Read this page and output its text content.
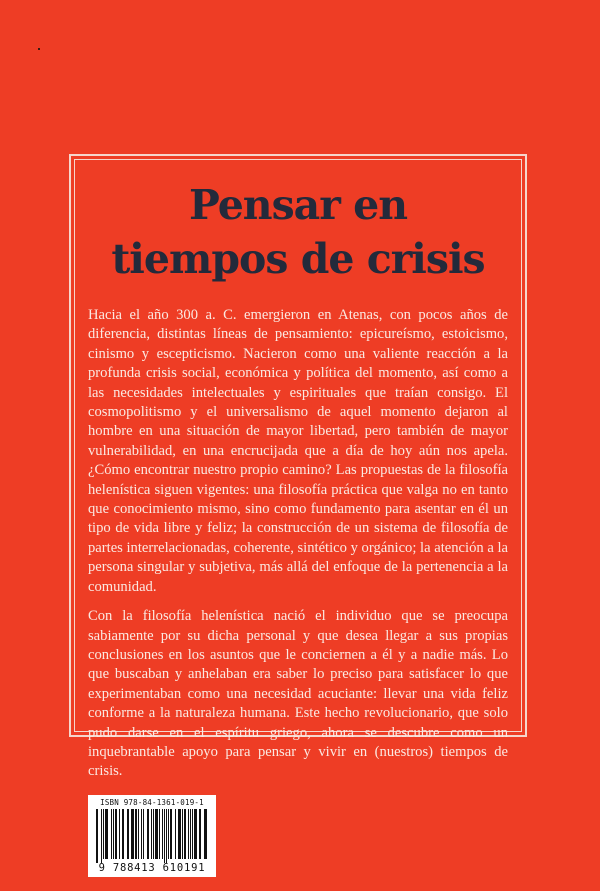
Pensar en
tiempos de crisis

Hacia el año 300 a. C. emergieron en Atenas, con pocos años de diferencia, distintas líneas de pensamiento: epicureísmo, estoicismo, cinismo y escepticismo. Nacieron como una valiente reacción a la profunda crisis social, económica y política del momento, así como a las necesidades intelectuales y espirituales que traían consigo. El cosmopolitismo y el universalismo de aquel momento dejaron al hombre en una situación de mayor libertad, pero también de mayor vulnerabilidad, en una encrucijada que a día de hoy aún nos apela. ¿Cómo encontrar nuestro propio camino? Las propuestas de la filosofía helenística siguen vigentes: una filosofía práctica que valga no en tanto que conocimiento mismo, sino como fundamento para asentar en él un tipo de vida libre y feliz; la construcción de un sistema de filosofía de partes interrelacionadas, coherente, sintético y orgánico; la atención a la persona singular y subjetiva, más allá del enfoque de la pertenencia a la comunidad.

Con la filosofía helenística nació el individuo que se preocupa sabiamente por su dicha personal y que desea llegar a sus propias conclusiones en los asuntos que le conciernen a él y a nadie más. Lo que buscaban y anhelaban era saber lo preciso para satisfacer lo que experimentaban como una necesidad acuciante: llevar una vida feliz conforme a la naturaleza humana. Este hecho revolucionario, que solo pudo darse en el espíritu griego, ahora se descubre como un inquebrantable apoyo para pensar y vivir en (nuestros) tiempos de crisis.

ISBN 978-84-1361-019-1
9 788413 610191
